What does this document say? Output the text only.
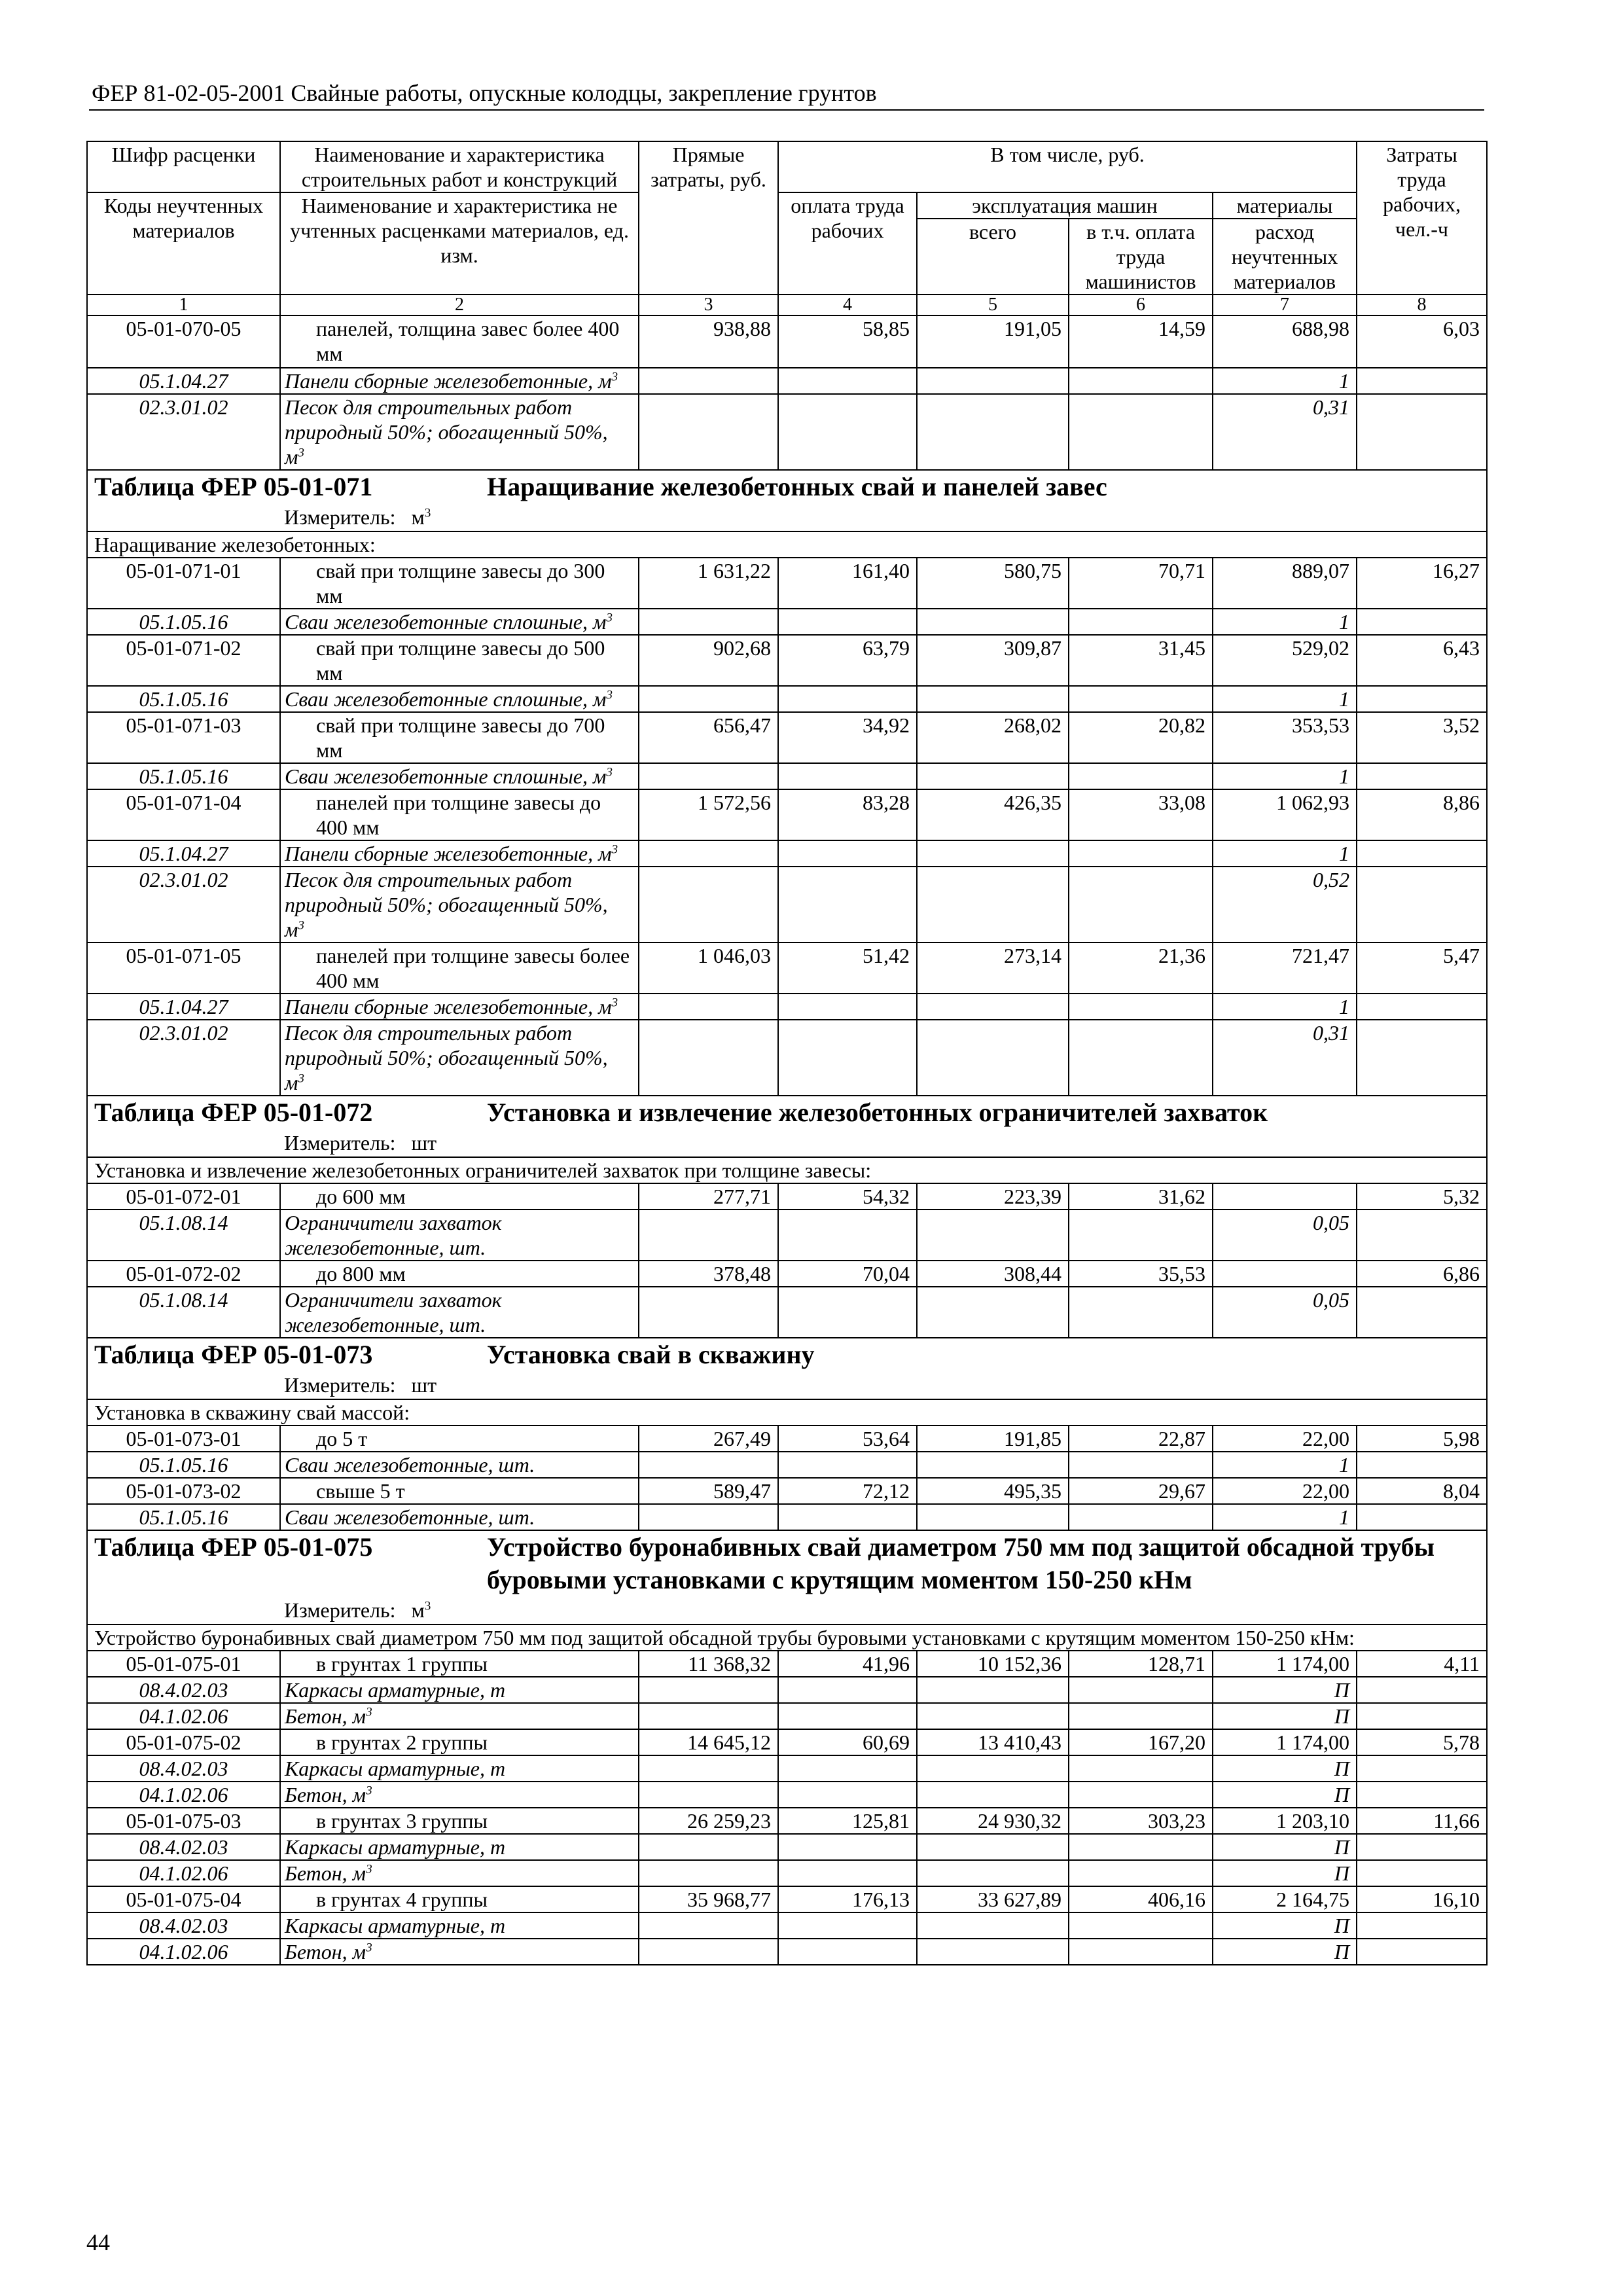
ФЕР 81-02-05-2001 Свайные работы, опускные колодцы, закрепление грунтов
Шифр расценки	Наименование и характеристика строительных работ и конструкций	Прямые затраты, руб.	В том числе, руб.				Затраты труда рабочих, чел.-ч
Коды неучтенных материалов	Наименование и характеристика не учтенных расценками материалов, ед. изм.		оплата труда рабочих	эксплуатация машин		материалы	
				всего	в т.ч. оплата труда машинистов	расход неучтенных материалов	
1	2	3	4	5	6	7	8
05-01-070-05	панелей, толщина завес более 400 мм	938,88	58,85	191,05	14,59	688,98	6,03
05.1.04.27	Панели сборные железобетонные, $м^3$					1	
02.3.01.02	Песок для строительных работ природный 50%; обогащенный 50%, $м^3$					0,31	

Таблица ФЕР 05-01-071 Наращивание железобетонных свай и панелей завес
Измеритель: $м^3$

Наращивание железобетонных:							
05-01-071-01	свай при толщине завесы до 300 мм	1 631,22	161,40	580,75	70,71	889,07	16,27
05.1.05.16	Сваи железобетонные сплошные, $м^3$					1	
05-01-071-02	свай при толщине завесы до 500 мм	902,68	63,79	309,87	31,45	529,02	6,43
05.1.05.16	Сваи железобетонные сплошные, $м^3$					1	
05-01-071-03	свай при толщине завесы до 700 мм	656,47	34,92	268,02	20,82	353,53	3,52
05.1.05.16	Сваи железобетонные сплошные, $м^3$					1	
05-01-071-04	панелей при толщине завесы до 400 мм	1 572,56	83,28	426,35	33,08	1 062,93	8,86
05.1.04.27	Панели сборные железобетонные, $м^3$					1	
02.3.01.02	Песок для строительных работ природный 50%; обогащенный 50%, $м^3$					0,52	
05-01-071-05	панелей при толщине завесы более 400 мм	1 046,03	51,42	273,14	21,36	721,47	5,47
05.1.04.27	Панели сборные железобетонные, $м^3$					1	
02.3.01.02	Песок для строительных работ природный 50%; обогащенный 50%, $м^3$					0,31	

Таблица ФЕР 05-01-072 Установка и извлечение железобетонных ограничителей захваток
Измеритель: шт							

Установка и извлечение железобетонных ограничителей захваток при толщине завесы:							
05-01-072-01	до 600 мм	277,71	54,32	223,39	31,62		5,32
05.1.08.14	Ограничители захваток железобетонные, шт.					0,05	
05-01-072-02	до 800 мм	378,48	70,04	308,44	35,53		6,86
05.1.08.14	Ограничители захваток железобетонные, шт.					0,05	

Таблица ФЕР 05-01-073 Установка свай в скважину
Измеритель: шт							

Установка в скважину свай массой:							
05-01-073-01	до 5 т	267,49	53,64	191,85	22,87	22,00	5,98
05.1.05.16	Сваи железобетонные, шт.					1	
05-01-073-02	свыше 5 т	589,47	72,12	495,35	29,67	22,00	8,04
05.1.05.16	Сваи железобетонные, шт.					1	

Таблица ФЕР 05-01-075 Устройство буронабивных свай диаметром 750 мм под защитой обсадной трубы буровыми установками с крутящим моментом 150-250 кНм
Измеритель: $м^3$

Устройство буронабивных свай диаметром 750 мм под защитой обсадной трубы буровыми установками с крутящим моментом 150-250 кНм:							
05-01-075-01	в грунтах 1 группы	11 368,32	41,96	10 152,36	128,71	1 174,00	4,11
08.4.02.03	Каркасы арматурные, т					П	
04.1.02.06	Бетон, $м^3$					П	
05-01-075-02	в грунтах 2 группы	14 645,12	60,69	13 410,43	167,20	1 174,00	5,78
08.4.02.03	Каркасы арматурные, т					П	
04.1.02.06	Бетон, $м^3$					П	
05-01-075-03	в грунтах 3 группы	26 259,23	125,81	24 930,32	303,23	1 203,10	11,66
08.4.02.03	Каркасы арматурные, т					П	
04.1.02.06	Бетон, $м^3$					П	
05-01-075-04	в грунтах 4 группы	35 968,77	176,13	33 627,89	406,16	2 164,75	16,10
08.4.02.03	Каркасы арматурные, т					П	
04.1.02.06	Бетон, $м^3$					П	
44
